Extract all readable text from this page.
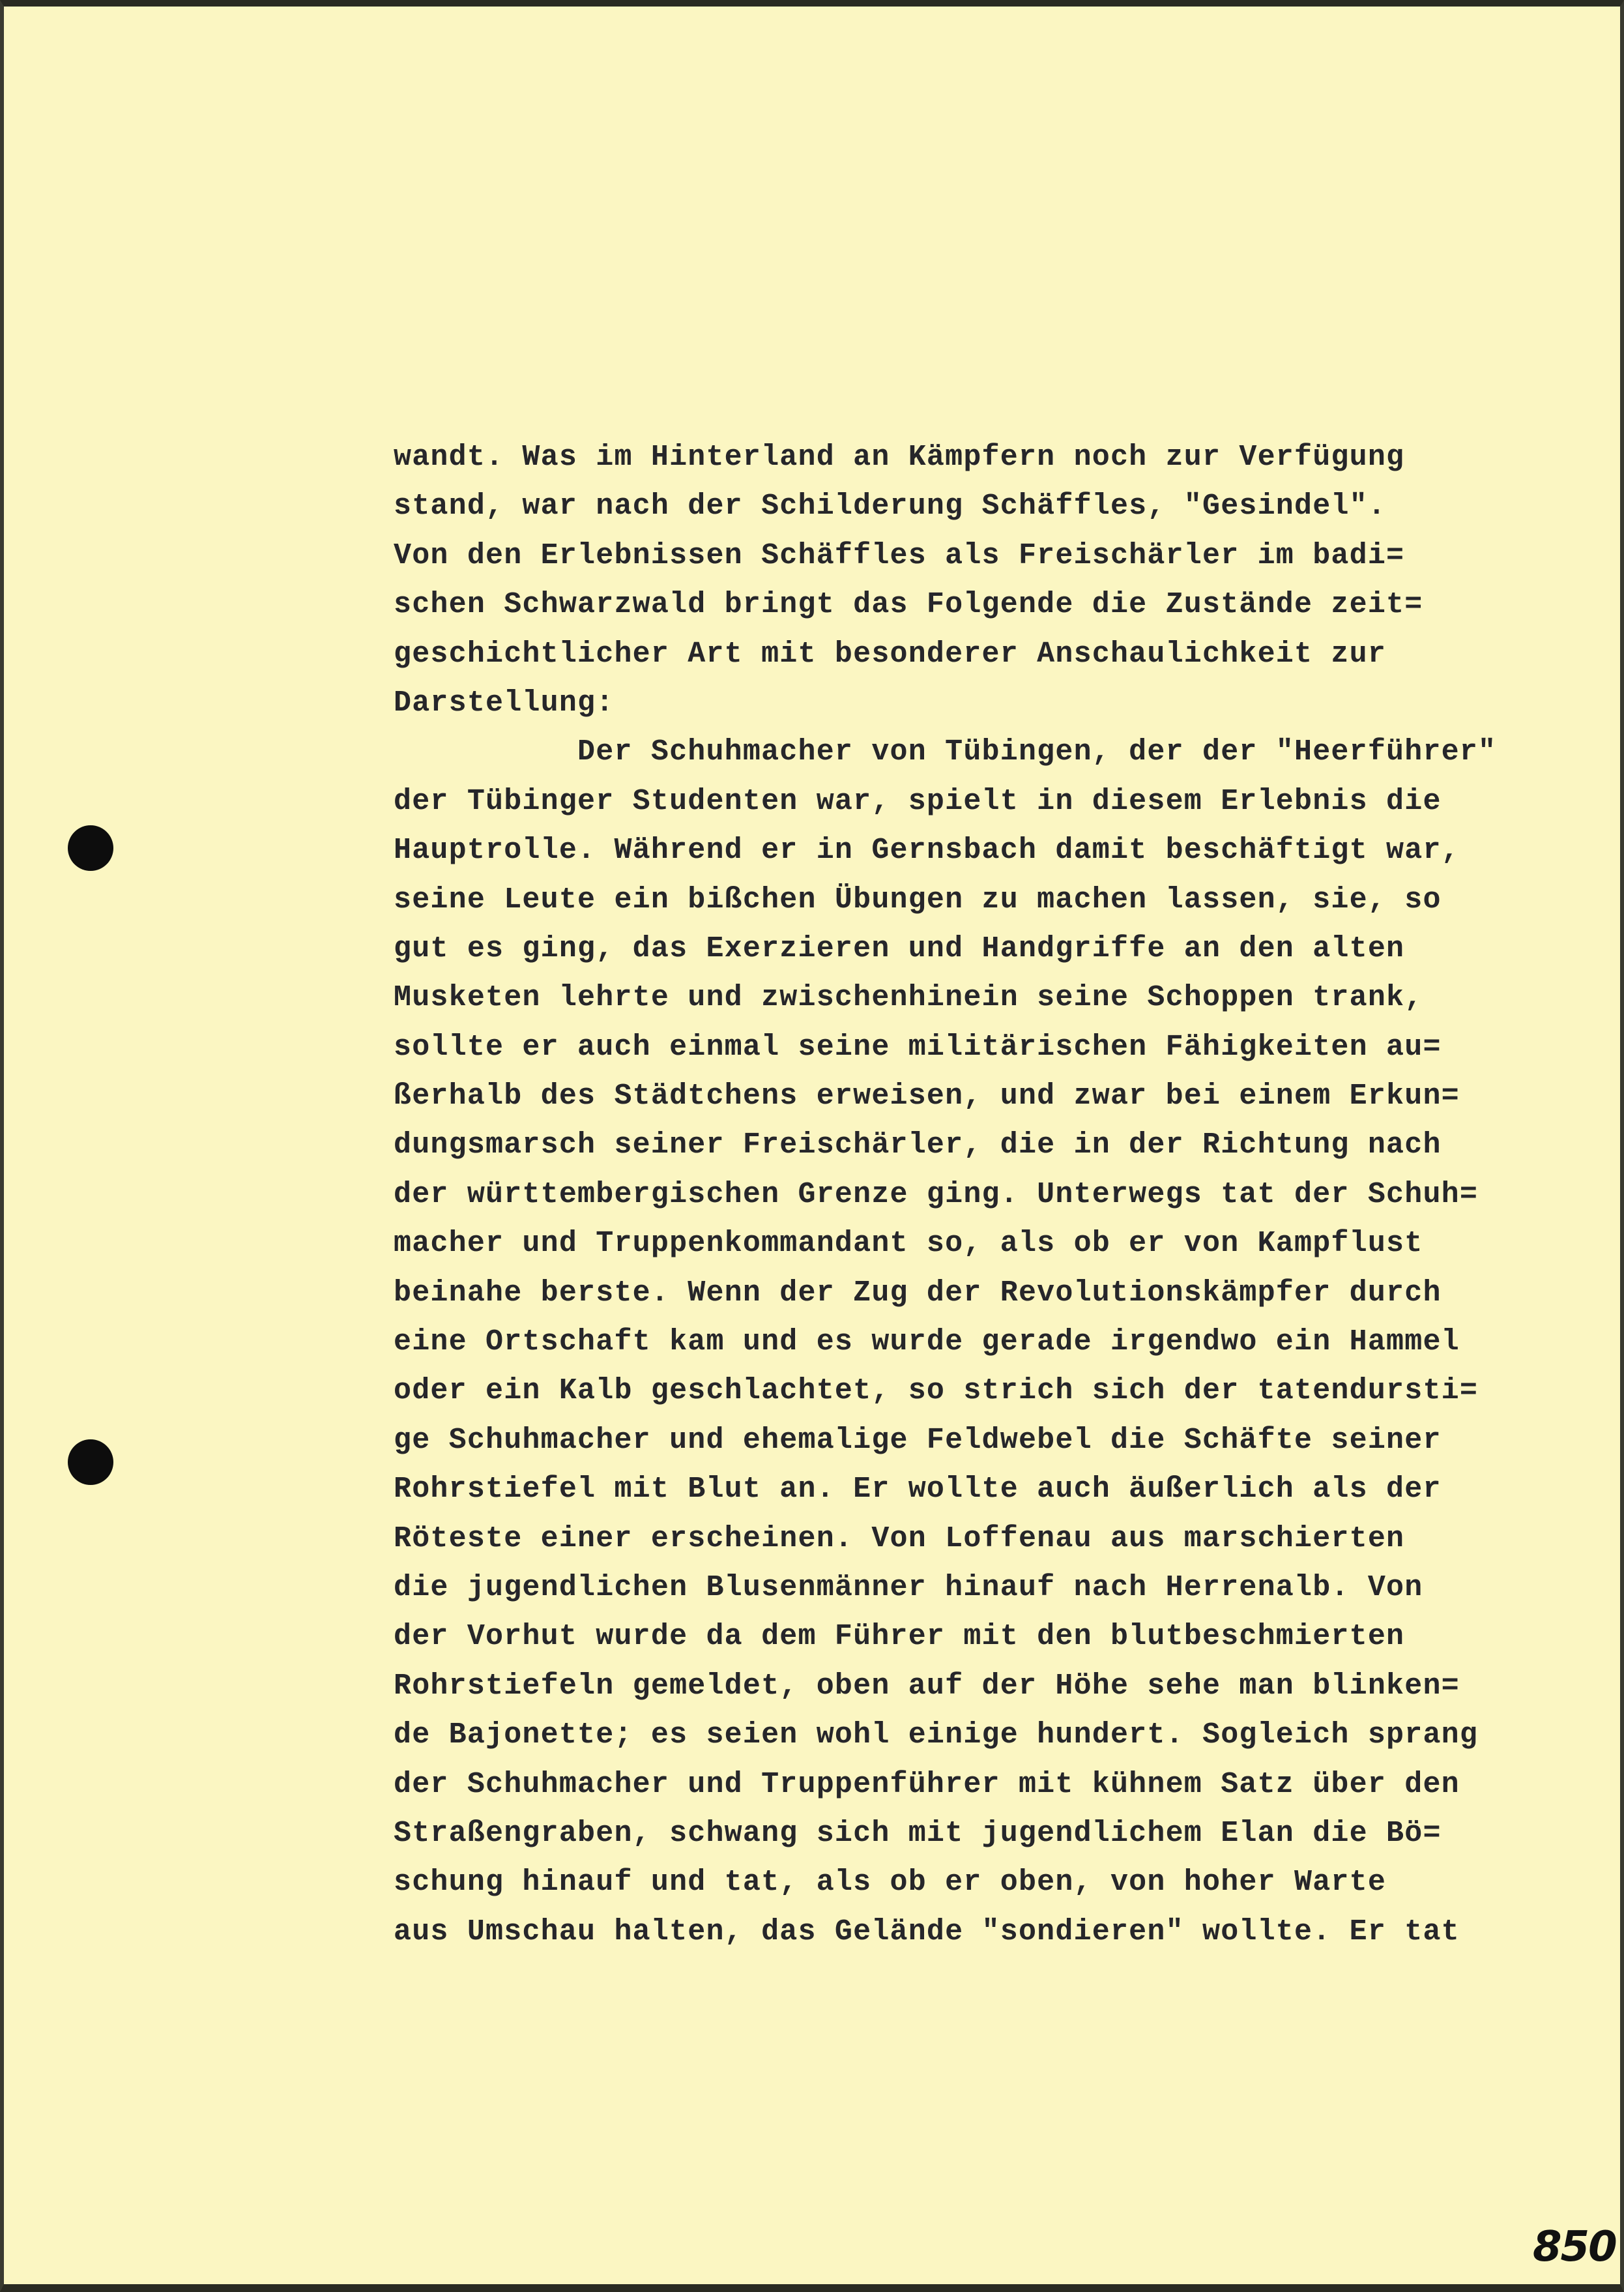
wandt. Was im Hinterland an Kämpfern noch zur Verfügung
stand, war nach der Schilderung Schäffles, "Gesindel".
Von den Erlebnissen Schäffles als Freischärler im badi=
schen Schwarzwald bringt das Folgende die Zustände zeit=
geschichtlicher Art mit besonderer Anschaulichkeit zur
Darstellung:
Der Schuhmacher von Tübingen, der der "Heerführer"
der Tübinger Studenten war, spielt in diesem Erlebnis die
Hauptrolle. Während er in Gernsbach damit beschäftigt war,
seine Leute ein bißchen Übungen zu machen lassen, sie, so
gut es ging, das Exerzieren und Handgriffe an den alten
Musketen lehrte und zwischenhinein seine Schoppen trank,
sollte er auch einmal seine militärischen Fähigkeiten au=
ßerhalb des Städtchens erweisen, und zwar bei einem Erkun=
dungsmarsch seiner Freischärler, die in der Richtung nach
der württembergischen Grenze ging. Unterwegs tat der Schuh=
macher und Truppenkommandant so, als ob er von Kampflust
beinahe berste. Wenn der Zug der Revolutionskämpfer durch
eine Ortschaft kam und es wurde gerade irgendwo ein Hammel
oder ein Kalb geschlachtet, so strich sich der tatendursti=
ge Schuhmacher und ehemalige Feldwebel die Schäfte seiner
Rohrstiefel mit Blut an. Er wollte auch äußerlich als der
Röteste einer erscheinen. Von Loffenau aus marschierten
die jugendlichen Blusenmänner hinauf nach Herrenalb. Von
der Vorhut wurde da dem Führer mit den blutbeschmierten
Rohrstiefeln gemeldet, oben auf der Höhe sehe man blinken=
de Bajonette; es seien wohl einige hundert. Sogleich sprang
der Schuhmacher und Truppenführer mit kühnem Satz über den
Straßengraben, schwang sich mit jugendlichem Elan die Bö=
schung hinauf und tat, als ob er oben, von hoher Warte
aus Umschau halten, das Gelände "sondieren" wollte. Er tat
850
